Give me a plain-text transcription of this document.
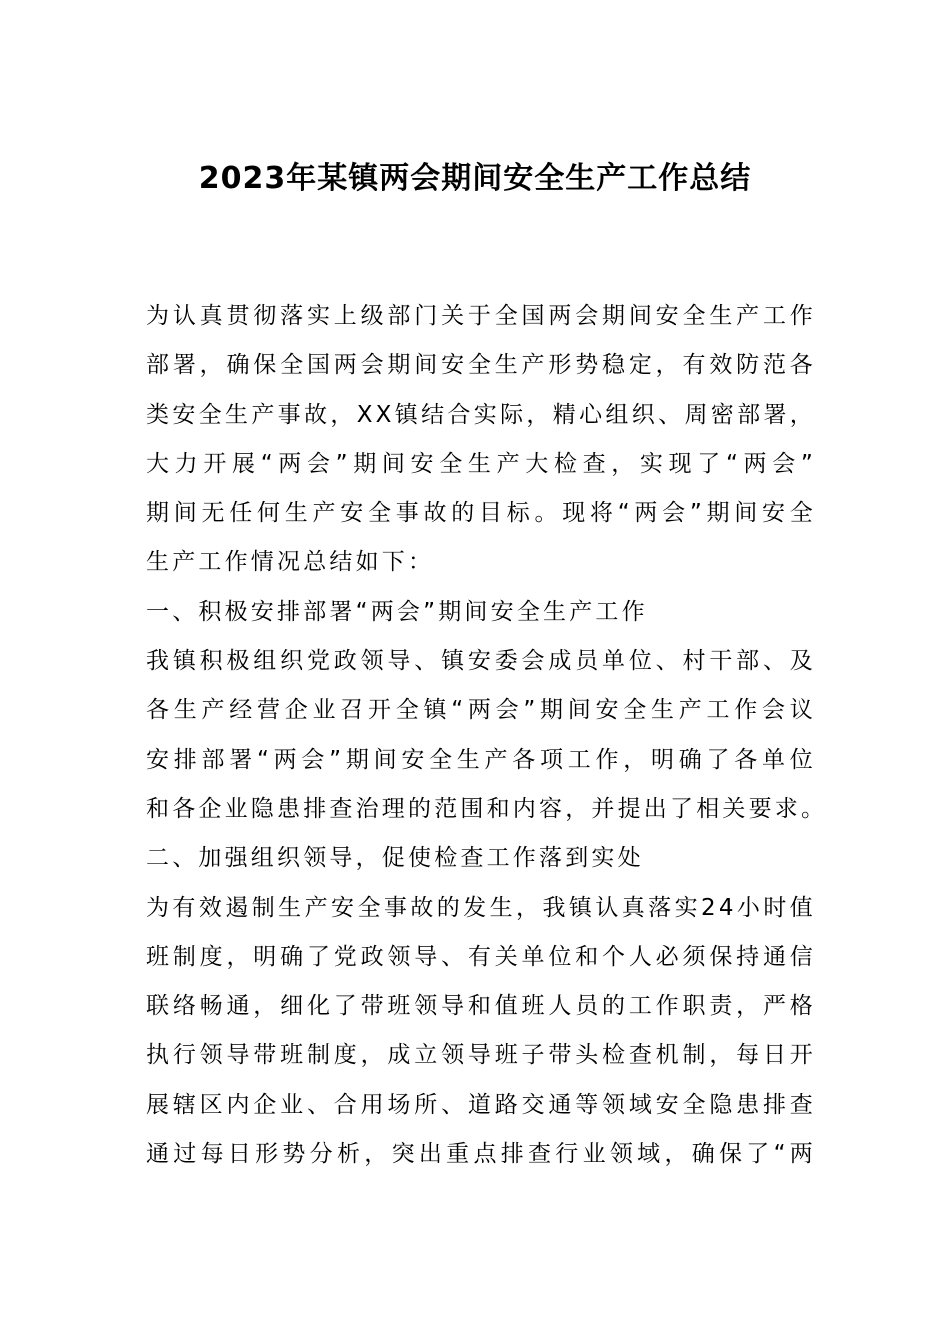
2023年某镇两会期间安全生产工作总结

为认真贯彻落实上级部门关于全国两会期间安全生产工作

部署，确保全国两会期间安全生产形势稳定，有效防范各

类安全生产事故，XX镇结合实际，精心组织、周密部署，

大力开展“两会”期间安全生产大检查，实现了“两会”

期间无任何生产安全事故的目标。现将“两会”期间安全

生产工作情况总结如下：

一、积极安排部署“两会”期间安全生产工作

我镇积极组织党政领导、镇安委会成员单位、村干部、及

各生产经营企业召开全镇“两会”期间安全生产工作会议

安排部署“两会”期间安全生产各项工作，明确了各单位

和各企业隐患排查治理的范围和内容，并提出了相关要求。

二、加强组织领导，促使检查工作落到实处

为有效遏制生产安全事故的发生，我镇认真落实24小时值

班制度，明确了党政领导、有关单位和个人必须保持通信

联络畅通，细化了带班领导和值班人员的工作职责，严格

执行领导带班制度，成立领导班子带头检查机制，每日开

展辖区内企业、合用场所、道路交通等领域安全隐患排查

通过每日形势分析，突出重点排查行业领域，确保了“两
